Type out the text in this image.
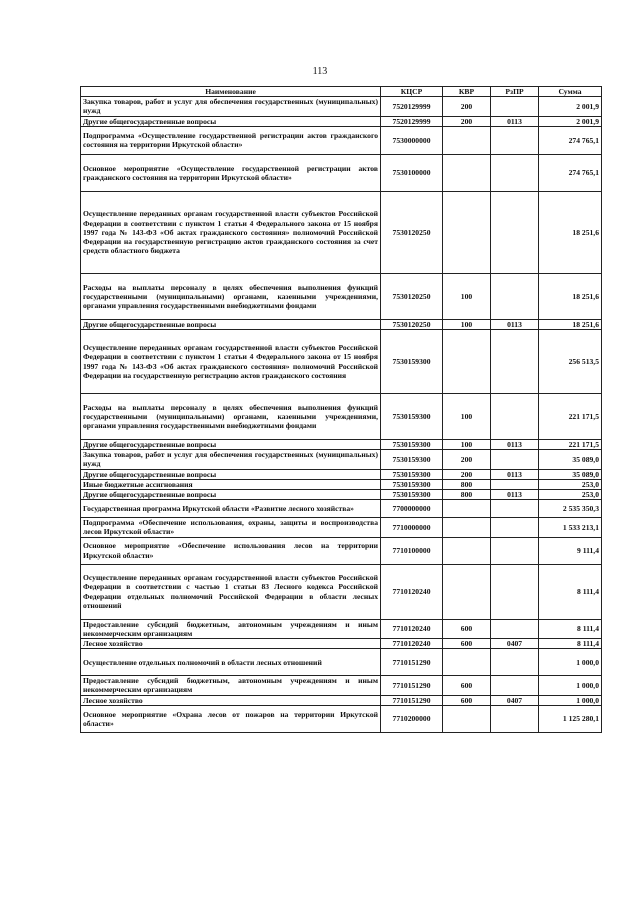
113
Наименование	КЦСР	КВР	РзПР	Сумма
Закупка товаров, работ и услуг для обеспечения государственных (муниципальных) нужд	7520129999	200		2 001,9
Другие общегосударственные вопросы	7520129999	200	0113	2 001,9
Подпрограмма «Осуществление государственной регистрации актов гражданского состояния на территории Иркутской области»	7530000000			274 765,1
Основное мероприятие «Осуществление государственной регистрации актов гражданского состояния на территории Иркутской области»	7530100000			274 765,1
Осуществление переданных органам государственной власти субъектов Российской Федерации в соответствии с пунктом 1 статьи 4 Федерального закона от 15 ноября 1997 года № 143-ФЗ «Об актах гражданского состояния» полномочий Российской Федерации на государственную регистрацию актов гражданского состояния за счет средств областного бюджета	7530120250			18 251,6
Расходы на выплаты персоналу в целях обеспечения выполнения функций государственными (муниципальными) органами, казенными учреждениями, органами управления государственными внебюджетными фондами	7530120250	100		18 251,6
Другие общегосударственные вопросы	7530120250	100	0113	18 251,6
Осуществление переданных органам государственной власти субъектов Российской Федерации в соответствии с пунктом 1 статьи 4 Федерального закона от 15 ноября 1997 года № 143-ФЗ «Об актах гражданского состояния» полномочий Российской Федерации на государственную регистрацию актов гражданского состояния	7530159300			256 513,5
Расходы на выплаты персоналу в целях обеспечения выполнения функций государственными (муниципальными) органами, казенными учреждениями, органами управления государственными внебюджетными фондами	7530159300	100		221 171,5
Другие общегосударственные вопросы	7530159300	100	0113	221 171,5
Закупка товаров, работ и услуг для обеспечения государственных (муниципальных) нужд	7530159300	200		35 089,0
Другие общегосударственные вопросы	7530159300	200	0113	35 089,0
Иные бюджетные ассигнования	7530159300	800		253,0
Другие общегосударственные вопросы	7530159300	800	0113	253,0
Государственная программа Иркутской области «Развитие лесного хозяйства»	7700000000			2 535 350,3
Подпрограмма «Обеспечение использования, охраны, защиты и воспроизводства лесов Иркутской области»	7710000000			1 533 213,1
Основное мероприятие «Обеспечение использования лесов на территории Иркутской области»	7710100000			9 111,4
Осуществление переданных органам государственной власти субъектов Российской Федерации в соответствии с частью 1 статьи 83 Лесного кодекса Российской Федерации отдельных полномочий Российской Федерации в области лесных отношений	7710120240			8 111,4
Предоставление субсидий бюджетным, автономным учреждениям и иным некоммерческим организациям	7710120240	600		8 111,4
Лесное хозяйство	7710120240	600	0407	8 111,4
Осуществление отдельных полномочий в области лесных отношений	7710151290			1 000,0
Предоставление субсидий бюджетным, автономным учреждениям и иным некоммерческим организациям	7710151290	600		1 000,0
Лесное хозяйство	7710151290	600	0407	1 000,0
Основное мероприятие «Охрана лесов от пожаров на территории Иркутской области»	7710200000			1 125 280,1
